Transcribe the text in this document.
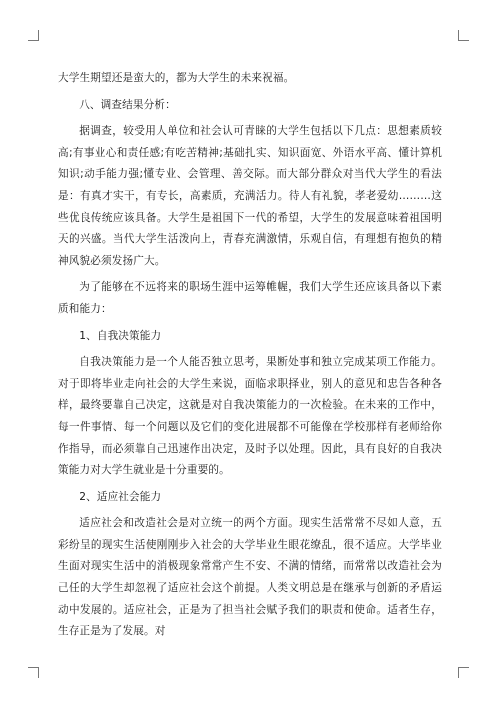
大学生期望还是蛮大的，都为大学生的未来祝福。

八、调查结果分析：

据调查，较受用人单位和社会认可青睐的大学生包括以下几点：思想素质较高;有事业心和责任感;有吃苦精神;基础扎实、知识面宽、外语水平高、懂计算机知识;动手能力强;懂专业、会管理、善交际。而大部分群众对当代大学生的看法是：有真才实干，有专长，高素质，充满活力。待人有礼貌，孝老爱幼………这些优良传统应该具备。大学生是祖国下一代的希望，大学生的发展意味着祖国明天的兴盛。当代大学生活泼向上，青春充满激情，乐观自信，有理想有抱负的精神风貌必须发扬广大。

为了能够在不远将来的职场生涯中运筹帷幄，我们大学生还应该具备以下素质和能力：

1、自我决策能力

自我决策能力是一个人能否独立思考，果断处事和独立完成某项工作能力。对于即将毕业走向社会的大学生来说，面临求职择业，别人的意见和忠告各种各样，最终要靠自己决定，这就是对自我决策能力的一次检验。在未来的工作中，每一件事情、每一个问题以及它们的变化进展都不可能像在学校那样有老师给你作指导，而必须靠自己迅速作出决定，及时予以处理。因此，具有良好的自我决策能力对大学生就业是十分重要的。

2、适应社会能力

适应社会和改造社会是对立统一的两个方面。现实生活常常不尽如人意，五彩纷呈的现实生活使刚刚步入社会的大学毕业生眼花缭乱，很不适应。大学毕业生面对现实生活中的消极现象常常产生不安、不满的情绪，而常常以改造社会为己任的大学生却忽视了适应社会这个前提。人类文明总是在继承与创新的矛盾运动中发展的。适应社会，正是为了担当社会赋予我们的职责和使命。适者生存，生存正是为了发展。对
